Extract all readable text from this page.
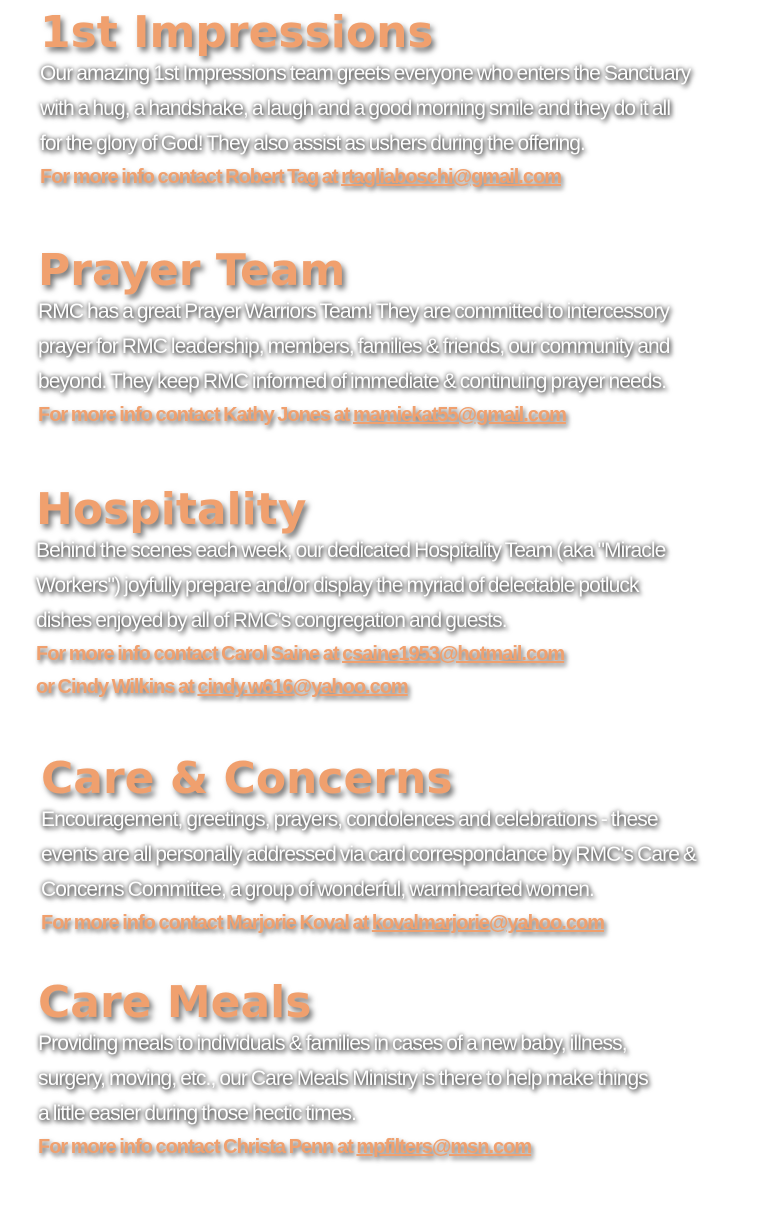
1st Impressions

Our amazing 1st Impressions team greets everyone who enters the Sanctuary
with a hug, a handshake, a laugh and a good morning smile and they do it all
for the glory of God! They also assist as ushers during the offering.

For more info contact Robert Tag at rtagliaboschi@gmail.com
Prayer Team

RMC has a great Prayer Warriors Team! They are committed to intercessory
prayer for RMC leadership, members, families & friends, our community and
beyond. They keep RMC informed of immediate & continuing prayer needs.

For more info contact Kathy Jones at mamiekat55@gmail.com
Hospitality

Behind the scenes each week, our dedicated Hospitality Team (aka "Miracle
Workers") joyfully prepare and/or display the myriad of delectable potluck
dishes enjoyed by all of RMC's congregation and guests.

For more info contact Carol Saine at csaine1953@hotmail.com
or Cindy Wilkins at cindy.w616@yahoo.com
Care & Concerns

Encouragement, greetings, prayers, condolences and celebrations - these
events are all personally addressed via card correspondance by RMC's Care &
Concerns Committee, a group of wonderful, warmhearted women.

For more info contact Marjorie Koval at kovalmarjorie@yahoo.com
Care Meals

Providing meals to individuals & families in cases of a new baby, illness,
surgery, moving, etc., our Care Meals Ministry is there to help make things
a little easier during those hectic times.

For more info contact Christa Penn at mpfilters@msn.com
